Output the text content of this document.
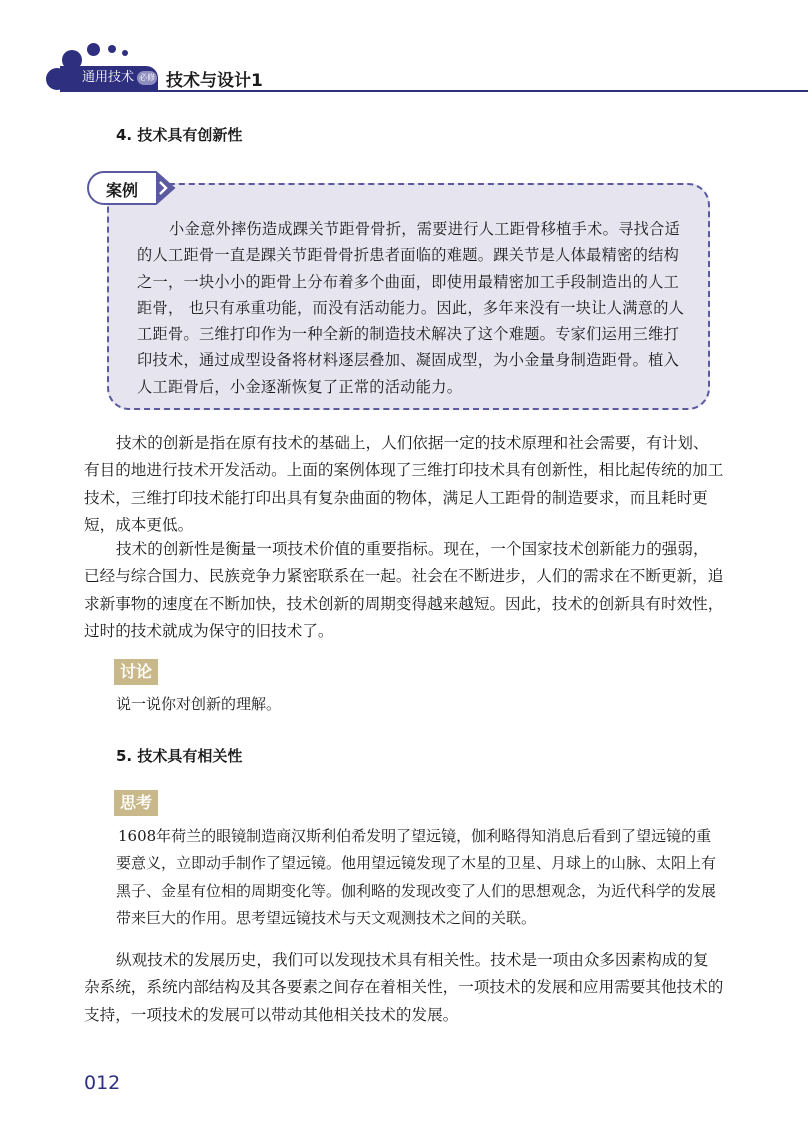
通用技术 必修 技术与设计1
4. 技术具有创新性
案例
小金意外摔伤造成踝关节距骨骨折，需要进行人工距骨移植手术。寻找合适的人工距骨一直是踝关节距骨骨折患者面临的难题。踝关节是人体最精密的结构之一，一块小小的距骨上分布着多个曲面，即使用最精密加工手段制造出的人工距骨， 也只有承重功能，而没有活动能力。因此，多年来没有一块让人满意的人工距骨。三维打印作为一种全新的制造技术解决了这个难题。专家们运用三维打印技术，通过成型设备将材料逐层叠加、凝固成型，为小金量身制造距骨。植入人工距骨后，小金逐渐恢复了正常的活动能力。

技术的创新是指在原有技术的基础上，人们依据一定的技术原理和社会需要，有计划、有目的地进行技术开发活动。上面的案例体现了三维打印技术具有创新性，相比起传统的加工技术，三维打印技术能打印出具有复杂曲面的物体，满足人工距骨的制造要求，而且耗时更短，成本更低。

技术的创新性是衡量一项技术价值的重要指标。现在，一个国家技术创新能力的强弱，已经与综合国力、民族竞争力紧密联系在一起。社会在不断进步，人们的需求在不断更新，追求新事物的速度在不断加快，技术创新的周期变得越来越短。因此，技术的创新具有时效性，过时的技术就成为保守的旧技术了。

讨论
说一说你对创新的理解。
5. 技术具有相关性
思考
1608年荷兰的眼镜制造商汉斯利伯希发明了望远镜，伽利略得知消息后看到了望远镜的重要意义，立即动手制作了望远镜。他用望远镜发现了木星的卫星、月球上的山脉、太阳上有黑子、金星有位相的周期变化等。伽利略的发现改变了人们的思想观念，为近代科学的发展带来巨大的作用。思考望远镜技术与天文观测技术之间的关联。

纵观技术的发展历史，我们可以发现技术具有相关性。技术是一项由众多因素构成的复杂系统，系统内部结构及其各要素之间存在着相关性，一项技术的发展和应用需要其他技术的支持，一项技术的发展可以带动其他相关技术的发展。

012
